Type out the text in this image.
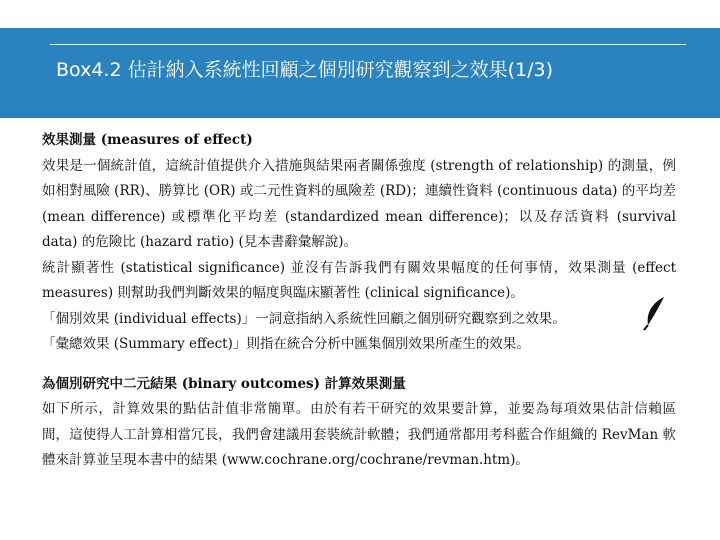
Box4.2 估計納入系統性回顧之個別研究觀察到之效果(1/3)

效果測量 (measures of effect)

效果是一個統計值，這統計值提供介入措施與結果兩者關係強度 (strength of relationship) 的測量，例如相對風險 (RR)、勝算比 (OR) 或二元性資料的風險差 (RD)；連續性資料 (continuous data) 的平均差 (mean difference) 或標準化平均差 (standardized mean difference)；以及存活資料 (survival data) 的危險比 (hazard ratio) (見本書辭彙解說)。

統計顯著性 (statistical significance) 並沒有告訴我們有關效果幅度的任何事情，效果測量 (effect measures) 則幫助我們判斷效果的幅度與臨床顯著性 (clinical significance)。

「個別效果 (individual effects)」一詞意指納入系統性回顧之個別研究觀察到之效果。

「彙總效果 (Summary effect)」則指在統合分析中匯集個別效果所產生的效果。

為個別研究中二元結果 (binary outcomes) 計算效果測量

如下所示，計算效果的點估計值非常簡單。由於有若干研究的效果要計算，並要為每項效果估計信賴區間，這使得人工計算相當冗長，我們會建議用套裝統計軟體；我們通常都用考科藍合作組織的 RevMan 軟體來計算並呈現本書中的結果 (www.cochrane.org/cochrane/revman.htm)。
